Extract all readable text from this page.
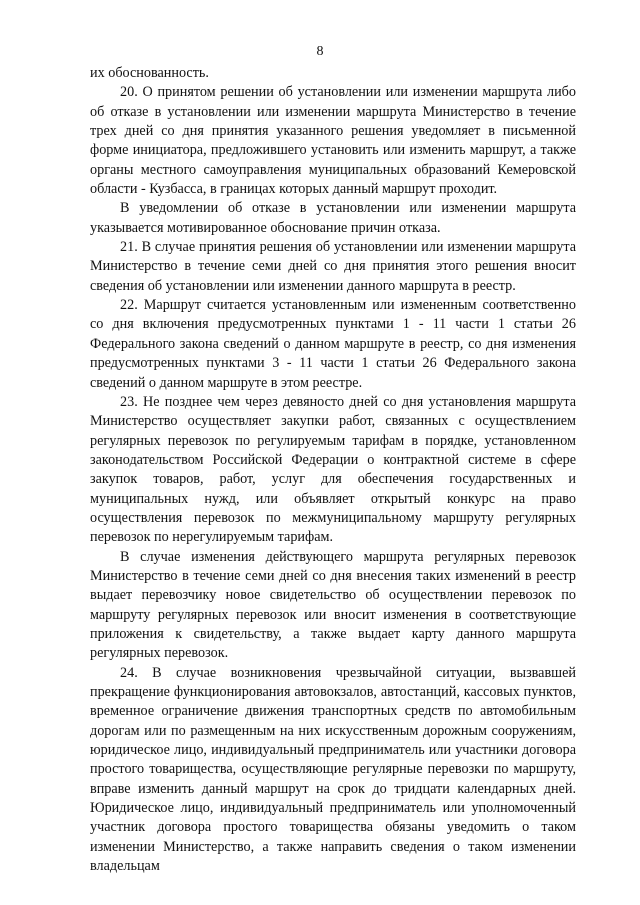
8

их обоснованность.

20. О принятом решении об установлении или изменении маршрута либо об отказе в установлении или изменении маршрута Министерство в течение трех дней со дня принятия указанного решения уведомляет в письменной форме инициатора, предложившего установить или изменить маршрут, а также органы местного самоуправления муниципальных образований Кемеровской области - Кузбасса, в границах которых данный маршрут проходит.

В уведомлении об отказе в установлении или изменении маршрута указывается мотивированное обоснование причин отказа.

21. В случае принятия решения об установлении или изменении маршрута Министерство в течение семи дней со дня принятия этого решения вносит сведения об установлении или изменении данного маршрута в реестр.

22. Маршрут считается установленным или измененным соответственно со дня включения предусмотренных пунктами 1 - 11 части 1 статьи 26 Федерального закона сведений о данном маршруте в реестр, со дня изменения предусмотренных пунктами 3 - 11 части 1 статьи 26 Федерального закона сведений о данном маршруте в этом реестре.

23. Не позднее чем через девяносто дней со дня установления маршрута Министерство осуществляет закупки работ, связанных с осуществлением регулярных перевозок по регулируемым тарифам в порядке, установленном законодательством Российской Федерации о контрактной системе в сфере закупок товаров, работ, услуг для обеспечения государственных и муниципальных нужд, или объявляет открытый конкурс на право осуществления перевозок по межмуниципальному маршруту регулярных перевозок по нерегулируемым тарифам.

В случае изменения действующего маршрута регулярных перевозок Министерство в течение семи дней со дня внесения таких изменений в реестр выдает перевозчику новое свидетельство об осуществлении перевозок по маршруту регулярных перевозок или вносит изменения в соответствующие приложения к свидетельству, а также выдает карту данного маршрута регулярных перевозок.

24. В случае возникновения чрезвычайной ситуации, вызвавшей прекращение функционирования автовокзалов, автостанций, кассовых пунктов, временное ограничение движения транспортных средств по автомобильным дорогам или по размещенным на них искусственным дорожным сооружениям, юридическое лицо, индивидуальный предприниматель или участники договора простого товарищества, осуществляющие регулярные перевозки по маршруту, вправе изменить данный маршрут на срок до тридцати календарных дней. Юридическое лицо, индивидуальный предприниматель или уполномоченный участник договора простого товарищества обязаны уведомить о таком изменении Министерство, а также направить сведения о таком изменении владельцам
